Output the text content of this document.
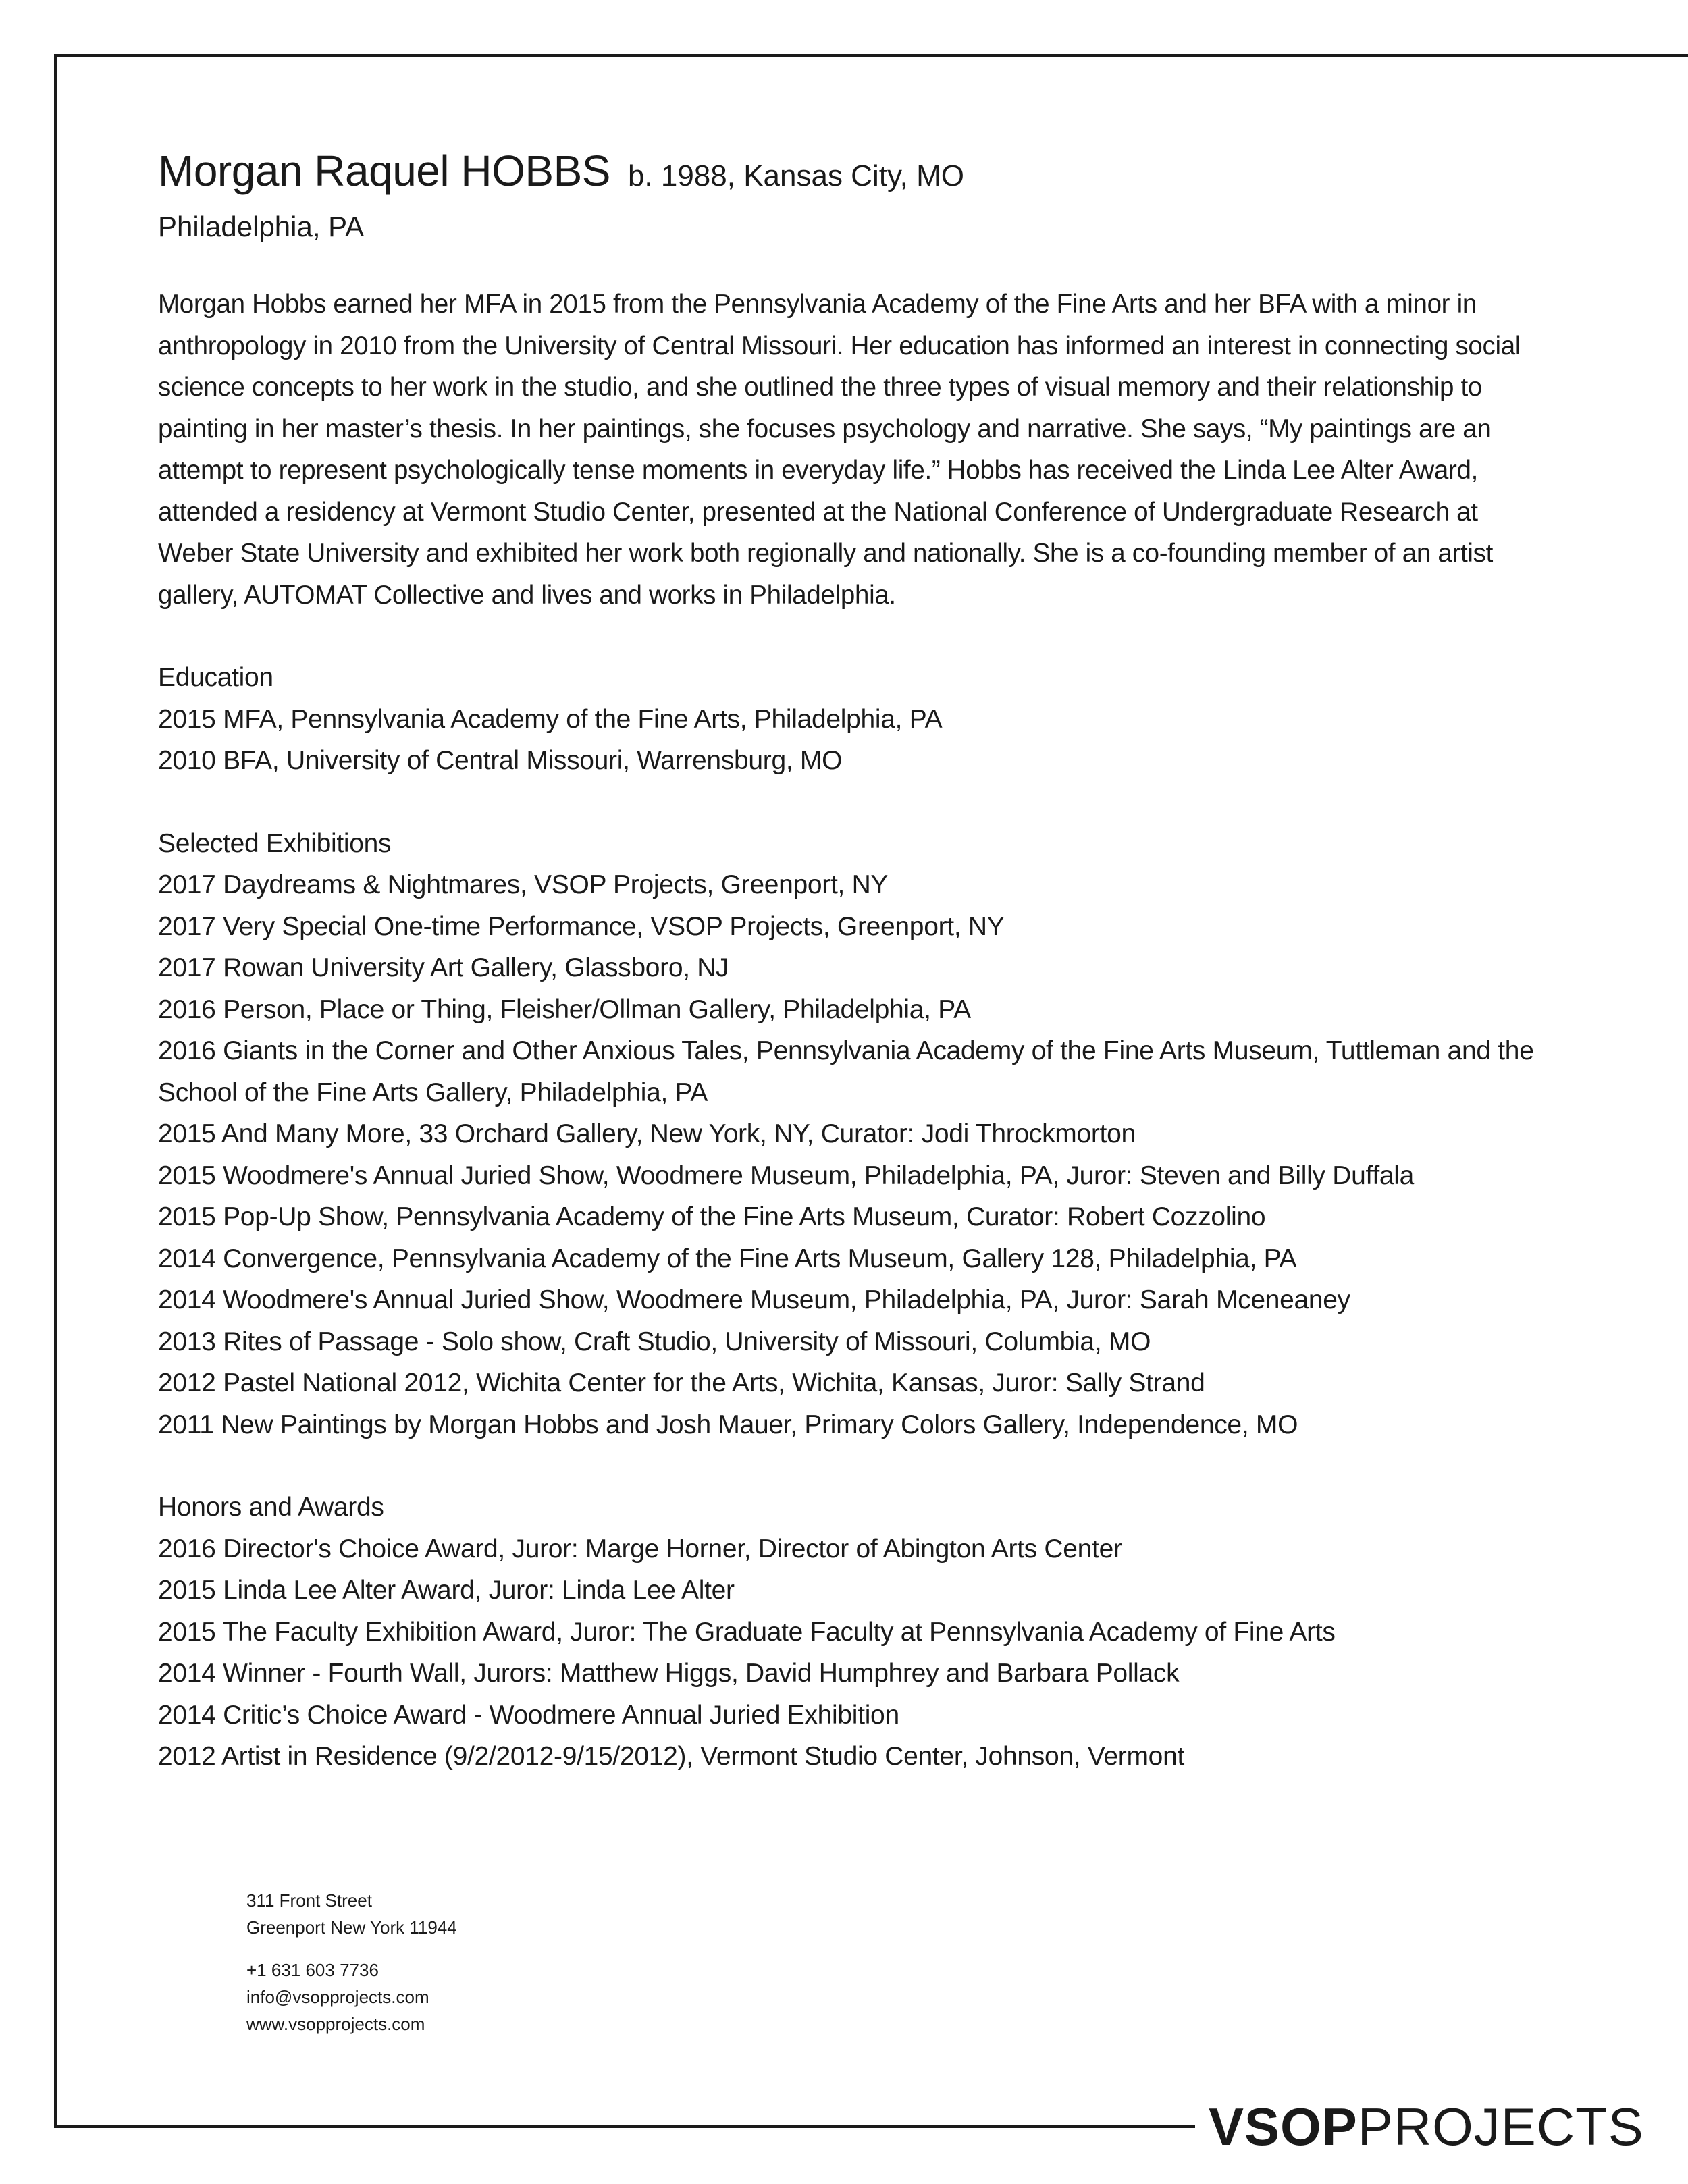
Morgan Raquel HOBBS b. 1988, Kansas City, MO
Philadelphia, PA

Morgan Hobbs earned her MFA in 2015 from the Pennsylvania Academy of the Fine Arts and her BFA with a minor in anthropology in 2010 from the University of Central Missouri. Her education has informed an interest in connecting social science concepts to her work in the studio, and she outlined the three types of visual memory and their relationship to painting in her master’s thesis. In her paintings, she focuses psychology and narrative. She says, “My paintings are an attempt to represent psychologically tense moments in everyday life.” Hobbs has received the Linda Lee Alter Award, attended a residency at Vermont Studio Center, presented at the National Conference of Undergraduate Research at Weber State University and exhibited her work both regionally and nationally. She is a co-founding member of an artist gallery, AUTOMAT Collective and lives and works in Philadelphia.

Education
2015 MFA, Pennsylvania Academy of the Fine Arts, Philadelphia, PA
2010 BFA, University of Central Missouri, Warrensburg, MO
Selected Exhibitions
2017 Daydreams & Nightmares, VSOP Projects, Greenport, NY
2017 Very Special One-time Performance, VSOP Projects, Greenport, NY
2017 Rowan University Art Gallery, Glassboro, NJ
2016 Person, Place or Thing, Fleisher/Ollman Gallery, Philadelphia, PA
2016 Giants in the Corner and Other Anxious Tales, Pennsylvania Academy of the Fine Arts Museum, Tuttleman and the School of the Fine Arts Gallery, Philadelphia, PA
2015 And Many More, 33 Orchard Gallery, New York, NY, Curator: Jodi Throckmorton
2015 Woodmere's Annual Juried Show, Woodmere Museum, Philadelphia, PA, Juror: Steven and Billy Duffala
2015 Pop-Up Show, Pennsylvania Academy of the Fine Arts Museum, Curator: Robert Cozzolino
2014 Convergence, Pennsylvania Academy of the Fine Arts Museum, Gallery 128, Philadelphia, PA
2014 Woodmere's Annual Juried Show, Woodmere Museum, Philadelphia, PA, Juror: Sarah Mceneaney
2013 Rites of Passage - Solo show, Craft Studio, University of Missouri, Columbia, MO
2012 Pastel National 2012, Wichita Center for the Arts, Wichita, Kansas, Juror: Sally Strand
2011 New Paintings by Morgan Hobbs and Josh Mauer, Primary Colors Gallery, Independence, MO
Honors and Awards
2016 Director's Choice Award, Juror: Marge Horner, Director of Abington Arts Center
2015 Linda Lee Alter Award, Juror: Linda Lee Alter
2015 The Faculty Exhibition Award, Juror: The Graduate Faculty at Pennsylvania Academy of Fine Arts
2014 Winner - Fourth Wall, Jurors: Matthew Higgs, David Humphrey and Barbara Pollack
2014 Critic’s Choice Award - Woodmere Annual Juried Exhibition
2012 Artist in Residence (9/2/2012-9/15/2012), Vermont Studio Center, Johnson, Vermont
311 Front Street
Greenport New York 11944
+1 631 603 7736
info@vsopprojects.com
www.vsopprojects.com
VSOPPROJECTS
